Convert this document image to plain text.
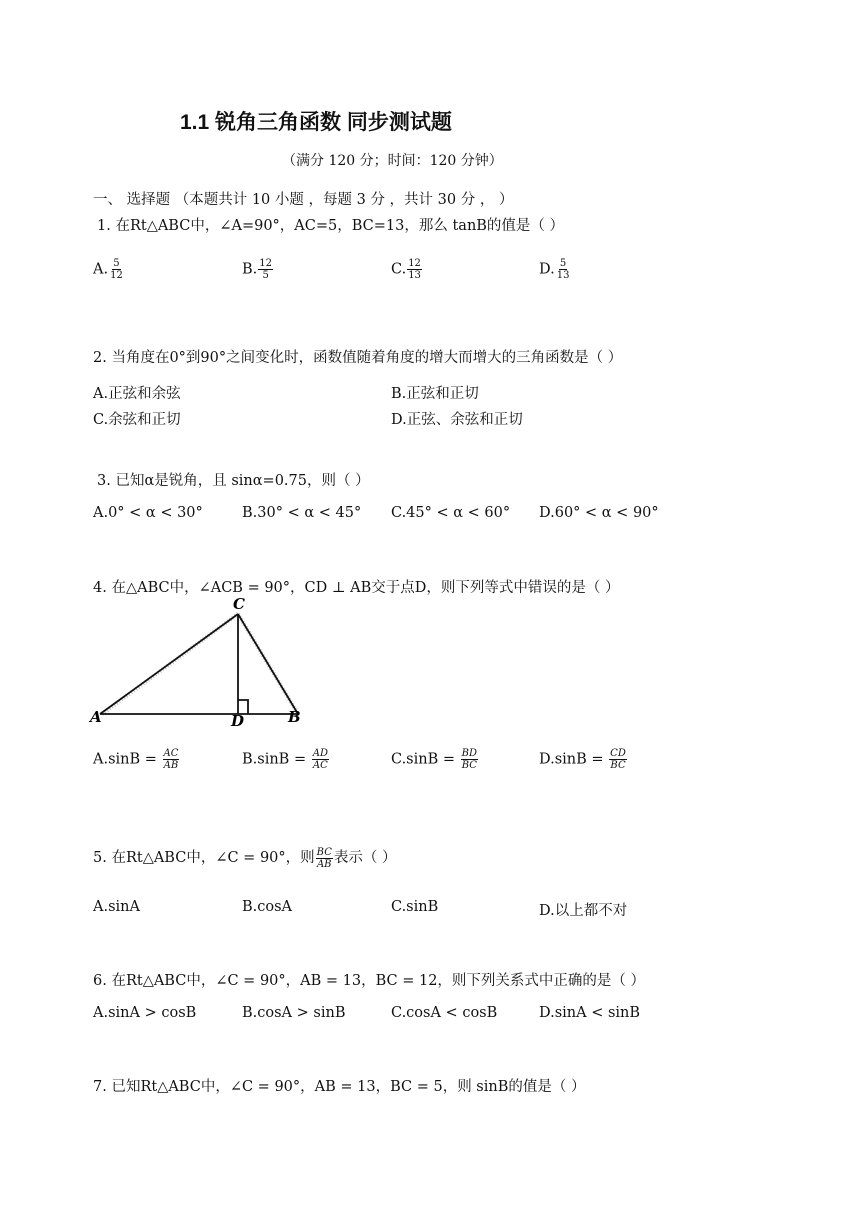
1.1 锐角三角函数 同步测试题
（满分 120 分；时间：120 分钟）
一、 选择题 （本题共计 10 小题 ，每题 3 分 ，共计 30 分 ， ）
1. 在Rt△ABC中，∠A=90°，AC=5，BC=13，那么 tanB的值是（ ）
A. $\frac{5}{12}$	B. $\frac{12}{5}$	C. $\frac{12}{13}$	D. $\frac{5}{13}$
2. 当角度在0°到90°之间变化时，函数值随着角度的增大而增大的三角函数是（ ）
A.正弦和余弦	B.正弦和正切
C.余弦和正切	D.正弦、余弦和正切
3. 已知α是锐角，且 sinα=0.75，则（ ）
A.0° < α < 30°	B.30° < α < 45° C.45° < α < 60° D.60° < α < 90°
4. 在△ABC中，∠ACB = 90°，CD ⊥ AB交于点D，则下列等式中错误的是（ ）
A	B
C
D
$A.\sin B = \frac{AC}{AB}$	$B.\sin B = \frac{AD}{AC}$	$C.\sin B = \frac{BD}{BC}$	$D.\sin B = \frac{CD}{BC}$
5. 在Rt△ABC中，∠C = 90°，则 $\frac{BC}{AB}$ 表示（ ）
A.sinA	B.cosA	C.sinB	D.以上都不对
6. 在Rt△ABC中，∠C = 90°，AB = 13，BC = 12，则下列关系式中正确的是（ ）
A.sinA > cosB	B.cosA > sinB	C.cosA < cosB	D.sinA < sinB
7. 已知Rt△ABC中，∠C = 90°，AB = 13，BC = 5，则 sinB的值是（ ）
